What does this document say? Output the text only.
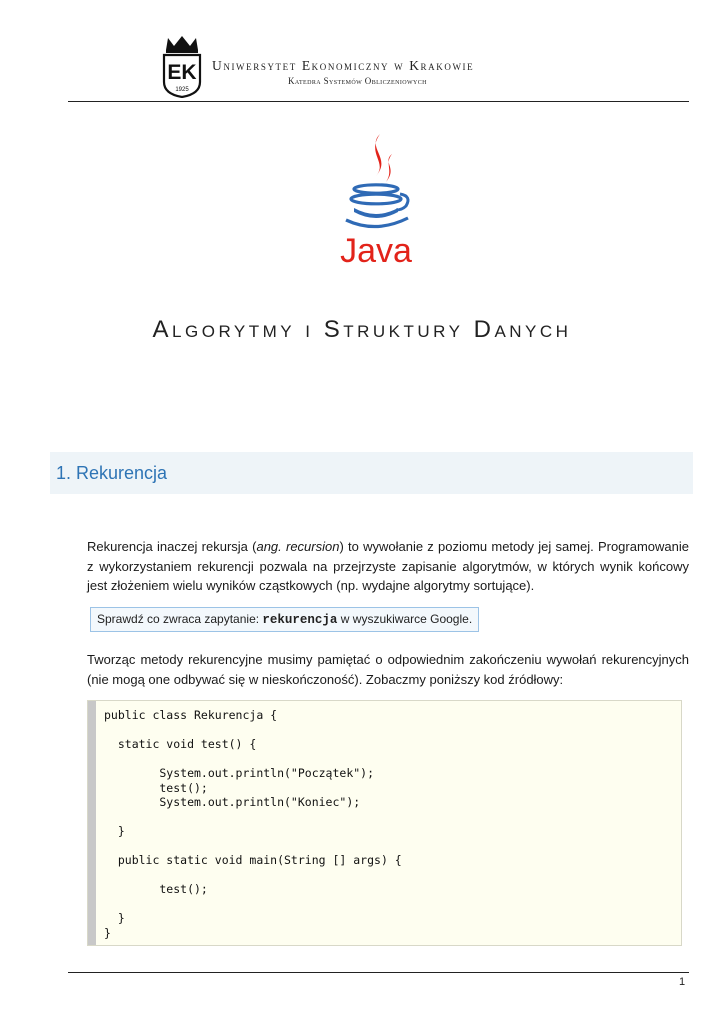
EK
1925
Uniwersytet Ekonomiczny w Krakowie
Katedra Systemów Obliczeniowych
Java
Algorytmy i Struktury Danych
1. Rekurencja
Rekurencja inaczej rekursja (ang. recursion) to wywołanie z poziomu metody jej samej. Programowanie z wykorzystaniem rekurencji pozwala na przejrzyste zapisanie algorytmów, w których wynik końcowy jest złożeniem wielu wyników cząstkowych (np. wydajne algorytmy sortujące).
Sprawdź co zwraca zapytanie: rekurencja w wyszukiwarce Google.
Tworząc metody rekurencyjne musimy pamiętać o odpowiednim zakończeniu wywołań rekurencyjnych (nie mogą one odbywać się w nieskończoność). Zobaczmy poniższy kod źródłowy:
public class Rekurencja {
static void test() {
System.out.println("Początek");
test();
System.out.println("Koniec");
}
public static void main(String [] args) {
test();
}
}
1
